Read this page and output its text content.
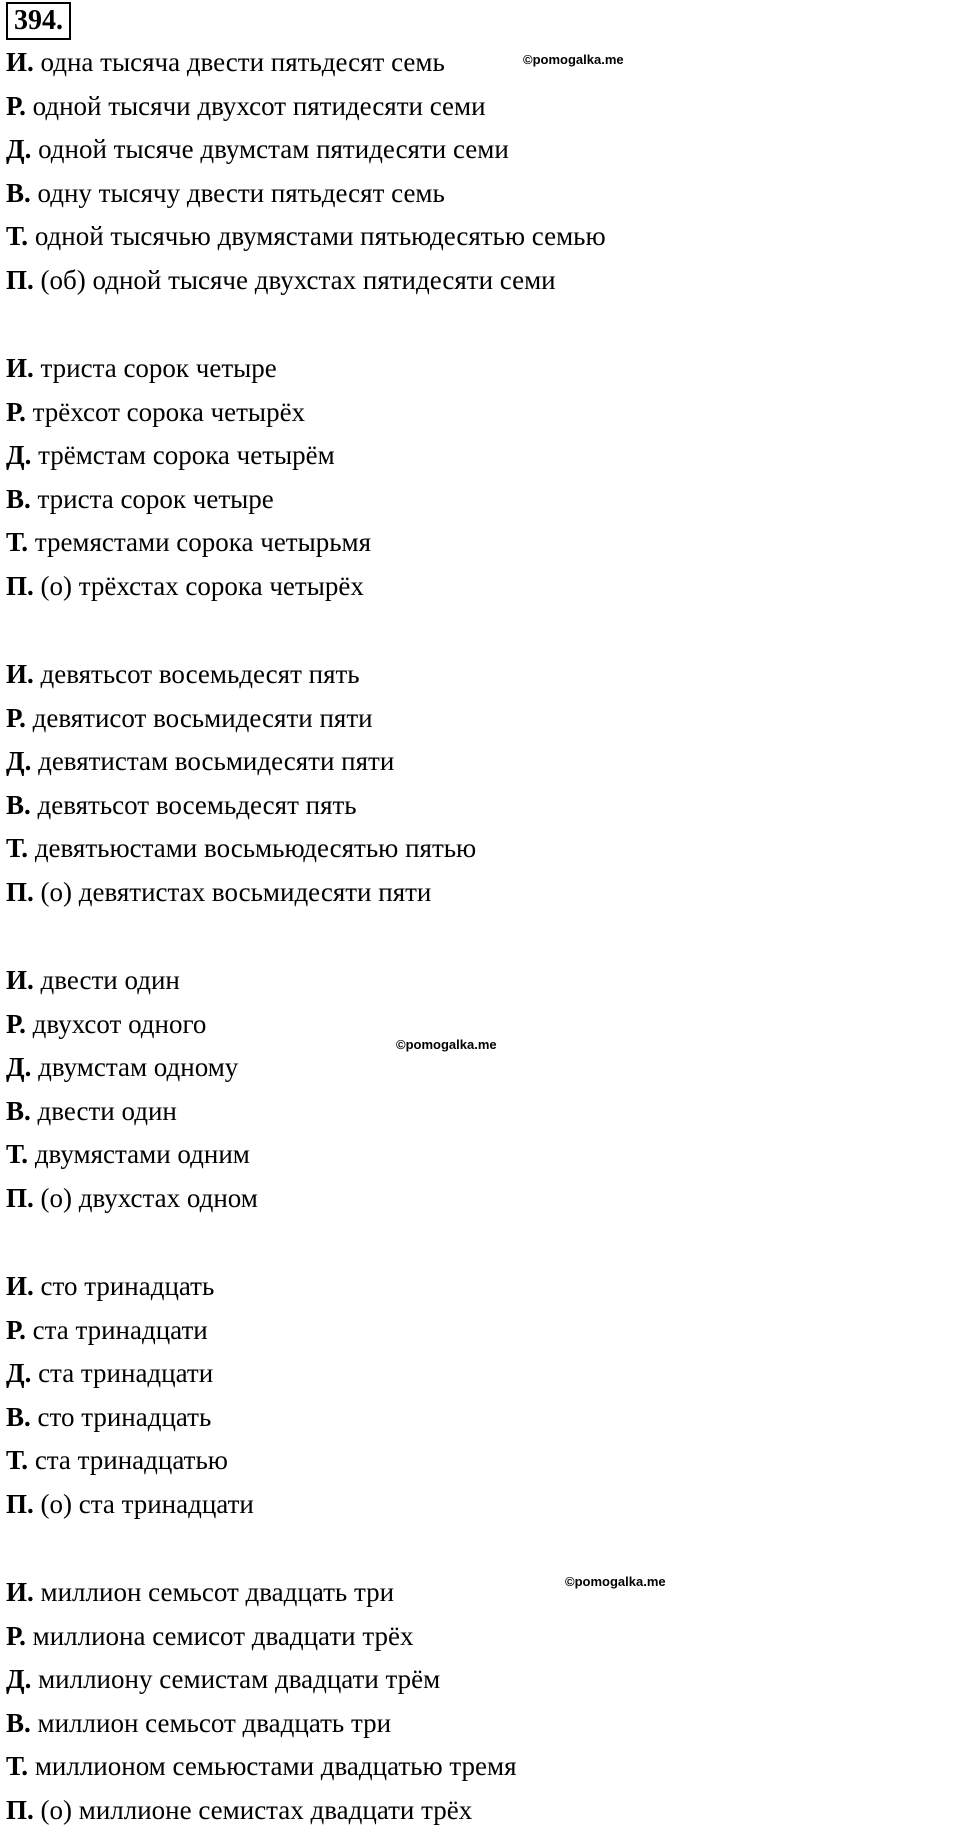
394.
©pomogalka.me
©pomogalka.me
©pomogalka.me
И. одна тысяча двести пятьдесят семь
Р. одной тысячи двухсот пятидесяти семи
Д. одной тысяче двумстам пятидесяти семи
В. одну тысячу двести пятьдесят семь
Т. одной тысячью двумястами пятьюдесятью семью
П. (об) одной тысяче двухстах пятидесяти семи
И. триста сорок четыре
Р. трёхсот сорока четырёх
Д. трёмстам сорока четырём
В. триста сорок четыре
Т. тремястами сорока четырьмя
П. (о) трёхстах сорока четырёх
И. девятьсот восемьдесят пять
Р. девятисот восьмидесяти пяти
Д. девятистам восьмидесяти пяти
В. девятьсот восемьдесят пять
Т. девятьюстами восьмьюдесятью пятью
П. (о) девятистах восьмидесяти пяти
И. двести один
Р. двухсот одного
Д. двумстам одному
В. двести один
Т. двумястами одним
П. (о) двухстах одном
И. сто тринадцать
Р. ста тринадцати
Д. ста тринадцати
В. сто тринадцать
Т. ста тринадцатью
П. (о) ста тринадцати
И. миллион семьсот двадцать три
Р. миллиона семисот двадцати трёх
Д. миллиону семистам двадцати трём
В. миллион семьсот двадцать три
Т. миллионом семьюстами двадцатью тремя
П. (о) миллионе семистах двадцати трёх
